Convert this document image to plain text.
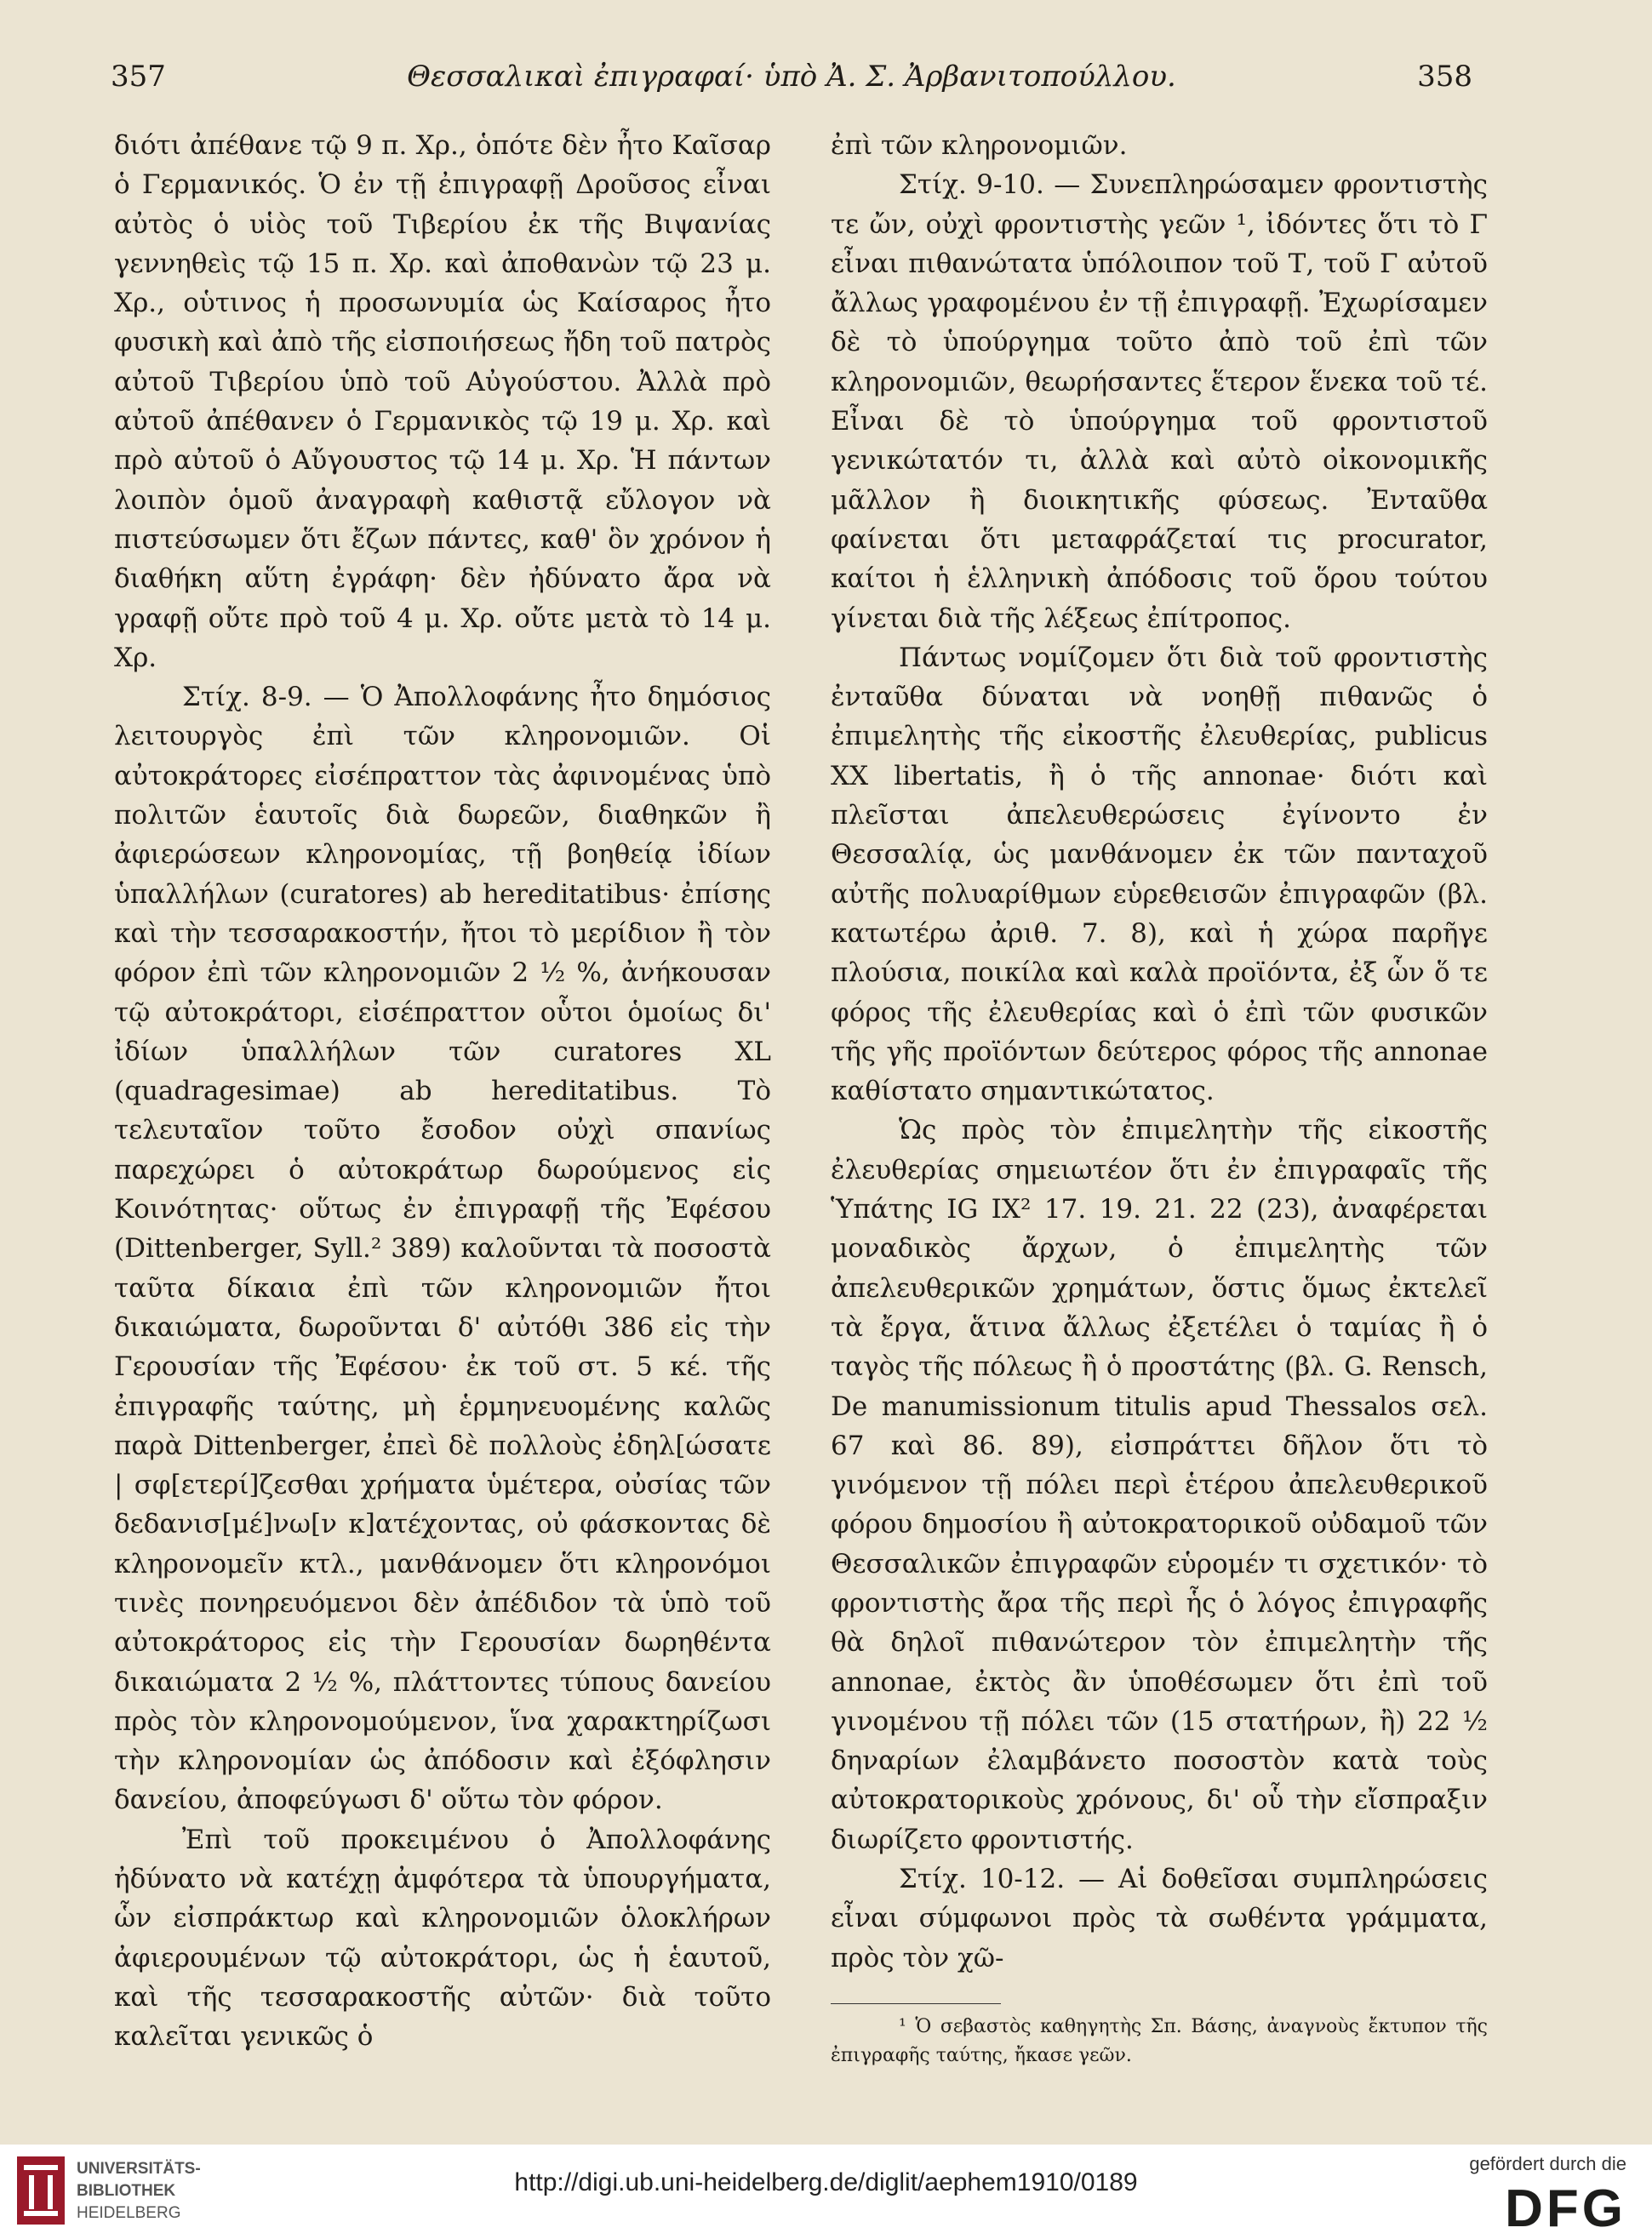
357	Θεσσαλικαὶ ἐπιγραφαί· ὑπὸ Ἀ. Σ. Ἀρβανιτοπούλλου.	358

διότι ἀπέθανε τῷ 9 π. Χρ., ὁπότε δὲν ἦτο Καῖσαρ ὁ Γερμανικός. Ὁ ἐν τῇ ἐπιγραφῇ Δροῦσος εἶναι αὐτὸς ὁ υἱὸς τοῦ Τιβερίου ἐκ τῆς Βιψανίας γεννηθεὶς τῷ 15 π. Χρ. καὶ ἀποθανὼν τῷ 23 μ. Χρ., οὑτινος ἡ προσωνυμία ὡς Καίσαρος ἦτο φυσικὴ καὶ ἀπὸ τῆς εἰσποιήσεως ἤδη τοῦ πατρὸς αὐτοῦ Τιβερίου ὑπὸ τοῦ Αὐγούστου. Ἀλλὰ πρὸ αὐτοῦ ἀπέθανεν ὁ Γερμανικὸς τῷ 19 μ. Χρ. καὶ πρὸ αὐτοῦ ὁ Αὔγουστος τῷ 14 μ. Χρ. Ἡ πάντων λοιπὸν ὁμοῦ ἀναγραφὴ καθιστᾷ εὔλογον νὰ πιστεύσωμεν ὅτι ἔζων πάντες, καθ' ὃν χρόνον ἡ διαθήκη αὕτη ἐγράφη· δὲν ἠδύνατο ἄρα νὰ γραφῇ οὔτε πρὸ τοῦ 4 μ. Χρ. οὔτε μετὰ τὸ 14 μ. Χρ.

Στίχ. 8-9. — Ὁ Ἀπολλοφάνης ἦτο δημόσιος λειτουργὸς ἐπὶ τῶν κληρονομιῶν. Οἱ αὐτοκράτορες εἰσέπραττον τὰς ἀφινομένας ὑπὸ πολιτῶν ἑαυτοῖς διὰ δωρεῶν, διαθηκῶν ἢ ἀφιερώσεων κληρονομίας, τῇ βοηθείᾳ ἰδίων ὑπαλλήλων (curatores) ab hereditatibus· ἐπίσης καὶ τὴν τεσσαρακοστήν, ἤτοι τὸ μερίδιον ἢ τὸν φόρον ἐπὶ τῶν κληρονομιῶν 2 ½ %, ἀνήκουσαν τῷ αὐτοκράτορι, εἰσέπραττον οὗτοι ὁμοίως δι' ἰδίων ὑπαλλήλων τῶν curatores XL (quadragesimae) ab hereditatibus. Τὸ τελευταῖον τοῦτο ἔσοδον οὐχὶ σπανίως παρεχώρει ὁ αὐτοκράτωρ δωρούμενος εἰς Κοινότητας· οὕτως ἐν ἐπιγραφῇ τῆς Ἐφέσου (Dittenberger, Syll.² 389) καλοῦνται τὰ ποσοστὰ ταῦτα δίκαια ἐπὶ τῶν κληρονομιῶν ἤτοι δικαιώματα, δωροῦνται δ' αὐτόθι 386 εἰς τὴν Γερουσίαν τῆς Ἐφέσου· ἐκ τοῦ στ. 5 κέ. τῆς ἐπιγραφῆς ταύτης, μὴ ἑρμηνευομένης καλῶς παρὰ Dittenberger, ἐπεὶ δὲ πολλοὺς ἐδηλ[ώσατε | σφ[ετερί]ζεσθαι χρήματα ὑμέτερα, οὐσίας τῶν δεδανισ[μέ]νω[ν κ]ατέχοντας, οὐ φάσκοντας δὲ κληρονομεῖν κτλ., μανθάνομεν ὅτι κληρονόμοι τινὲς πονηρευόμενοι δὲν ἀπέδιδον τὰ ὑπὸ τοῦ αὐτοκράτορος εἰς τὴν Γερουσίαν δωρηθέντα δικαιώματα 2 ½ %, πλάττοντες τύπους δανείου πρὸς τὸν κληρονομούμενον, ἵνα χαρακτηρίζωσι τὴν κληρονομίαν ὡς ἀπόδοσιν καὶ ἐξόφλησιν δανείου, ἀποφεύγωσι δ' οὕτω τὸν φόρον.

Ἐπὶ τοῦ προκειμένου ὁ Ἀπολλοφάνης ἠδύνατο νὰ κατέχῃ ἀμφότερα τὰ ὑπουργήματα, ὧν εἰσπράκτωρ καὶ κληρονομιῶν ὁλοκλήρων ἀφιερουμένων τῷ αὐτοκράτορι, ὡς ἡ ἑαυτοῦ, καὶ τῆς τεσσαρακοστῆς αὐτῶν· διὰ τοῦτο καλεῖται γενικῶς ὁ

ἐπὶ τῶν κληρονομιῶν.

Στίχ. 9-10. — Συνεπληρώσαμεν φροντιστὴς τε ὤν, οὐχὶ φροντιστὴς γεῶν ¹, ἰδόντες ὅτι τὸ Γ εἶναι πιθανώτατα ὑπόλοιπον τοῦ Τ, τοῦ Γ αὐτοῦ ἄλλως γραφομένου ἐν τῇ ἐπιγραφῇ. Ἐχωρίσαμεν δὲ τὸ ὑπούργημα τοῦτο ἀπὸ τοῦ ἐπὶ τῶν κληρονομιῶν, θεωρήσαντες ἕτερον ἕνεκα τοῦ τέ. Εἶναι δὲ τὸ ὑπούργημα τοῦ φροντιστοῦ γενικώτατόν τι, ἀλλὰ καὶ αὐτὸ οἰκονομικῆς μᾶλλον ἢ διοικητικῆς φύσεως. Ἐνταῦθα φαίνεται ὅτι μεταφράζεταί τις procurator, καίτοι ἡ ἑλληνικὴ ἀπόδοσις τοῦ ὅρου τούτου γίνεται διὰ τῆς λέξεως ἐπίτροπος.

Πάντως νομίζομεν ὅτι διὰ τοῦ φροντιστὴς ἐνταῦθα δύναται νὰ νοηθῇ πιθανῶς ὁ ἐπιμελητὴς τῆς εἰκοστῆς ἐλευθερίας, publicus XX libertatis, ἢ ὁ τῆς annonae· διότι καὶ πλεῖσται ἀπελευθερώσεις ἐγίνοντο ἐν Θεσσαλίᾳ, ὡς μανθάνομεν ἐκ τῶν πανταχοῦ αὐτῆς πολυαρίθμων εὑρεθεισῶν ἐπιγραφῶν (βλ. κατωτέρω ἀριθ. 7. 8), καὶ ἡ χώρα παρῆγε πλούσια, ποικίλα καὶ καλὰ προϊόντα, ἐξ ὧν ὅ τε φόρος τῆς ἐλευθερίας καὶ ὁ ἐπὶ τῶν φυσικῶν τῆς γῆς προϊόντων δεύτερος φόρος τῆς annonae καθίστατο σημαντικώτατος.

Ὡς πρὸς τὸν ἐπιμελητὴν τῆς εἰκοστῆς ἐλευθερίας σημειωτέον ὅτι ἐν ἐπιγραφαῖς τῆς Ὑπάτης IG IX² 17. 19. 21. 22 (23), ἀναφέρεται μοναδικὸς ἄρχων, ὁ ἐπιμελητὴς τῶν ἀπελευθερικῶν χρημάτων, ὅστις ὅμως ἐκτελεῖ τὰ ἔργα, ἅτινα ἄλλως ἐξετέλει ὁ ταμίας ἢ ὁ ταγὸς τῆς πόλεως ἢ ὁ προστάτης (βλ. G. Rensch, De manumissionum titulis apud Thessalos σελ. 67 καὶ 86. 89), εἰσπράττει δῆλον ὅτι τὸ γινόμενον τῇ πόλει περὶ ἑτέρου ἀπελευθερικοῦ φόρου δημοσίου ἢ αὐτοκρατορικοῦ οὐδαμοῦ τῶν Θεσσαλικῶν ἐπιγραφῶν εὑρομέν τι σχετικόν· τὸ φροντιστὴς ἄρα τῆς περὶ ἧς ὁ λόγος ἐπιγραφῆς θὰ δηλοῖ πιθανώτερον τὸν ἐπιμελητὴν τῆς annonae, ἐκτὸς ἂν ὑποθέσωμεν ὅτι ἐπὶ τοῦ γινομένου τῇ πόλει τῶν (15 στατήρων, ἢ) 22 ½ δηναρίων ἐλαμβάνετο ποσοστὸν κατὰ τοὺς αὐτοκρατορικοὺς χρόνους, δι' οὗ τὴν εἴσπραξιν διωρίζετο φροντιστής.

Στίχ. 10-12. — Αἱ δοθεῖσαι συμπληρώσεις εἶναι σύμφωνοι πρὸς τὰ σωθέντα γράμματα, πρὸς τὸν χῶ-

¹ Ὁ σεβαστὸς καθηγητὴς Σπ. Βάσης, ἀναγνοὺς ἔκτυπον τῆς ἐπιγραφῆς ταύτης, ἤκασε γεῶν.

UNIVERSITÄTS-
BIBLIOTHEK
HEIDELBERG
http://digi.ub.uni-heidelberg.de/diglit/aephem1910/0189
gefördert durch die
DFG
